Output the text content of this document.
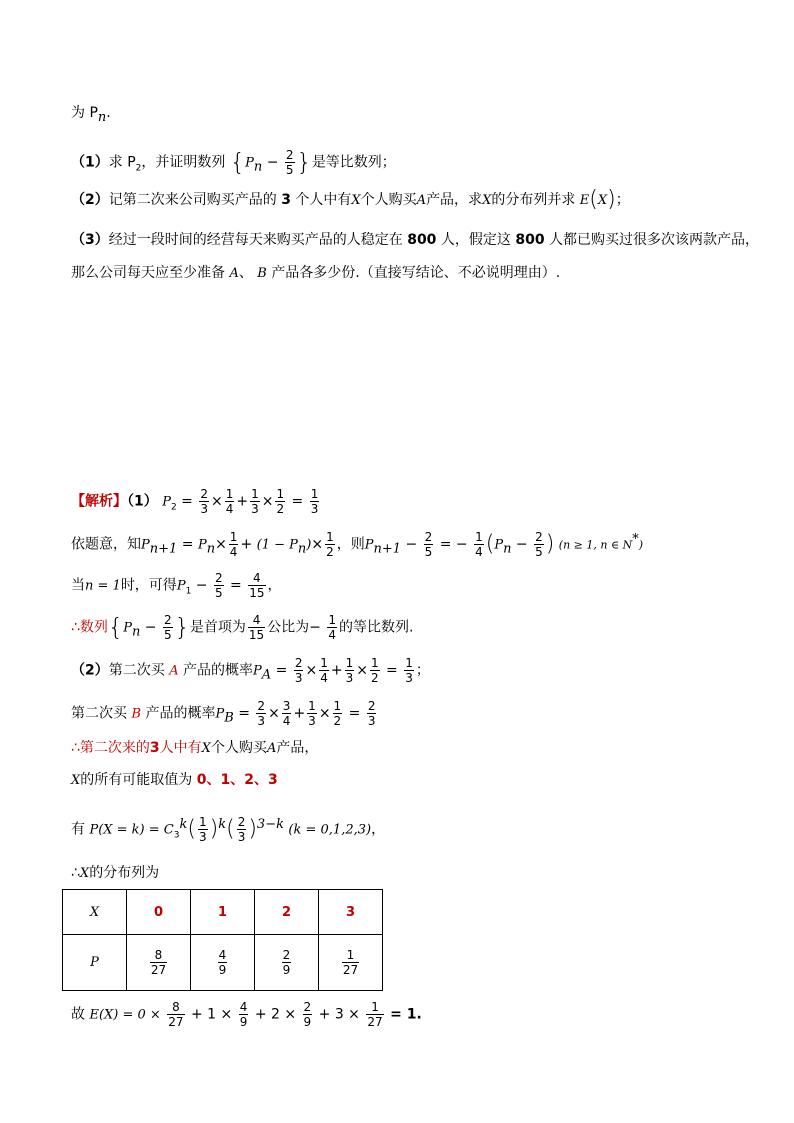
为 $P_n$.
（1）求 $P_2$，并证明数列 {$P_n - \frac{2}{5}$ }是等比数列；
（2）记第二次来公司购买产品的 3 个人中有X个人购买A产品，求X的分布列并求 E(X)；
（3）经过一段时间的经营每天来购买产品的人稳定在 800 人，假定这 800 人都已购买过很多次该两款产品，
那么公司每天应至少准备 A、 B 产品各多少份.（直接写结论、不必说明理由）.
【解析】（1） $P_2 = \frac{2}{3} \times \frac{1}{4} + \frac{1}{3} \times \frac{1}{2} = \frac{1}{3}$
依题意，知$P_{n+1} = P_n\times \frac{1}{4} + (1 - P_n)\times \frac{1}{2}$ ，则$P_{n+1} - \frac{2}{5}$ = − $\frac{1}{4} (P_n - \frac{2}{5}$ ) (n ≥ 1, n ∈ N*)
当n = 1时，可得$P_1 - \frac{2}{5} = \frac{4}{15}$ ，
∴数列{$P_n - \frac{2}{5}$ }是首项为 $\frac{4}{15}$ 公比为− $\frac{1}{4}$ 的等比数列.
（2）第二次买 A 产品的概率$P_A = \frac{2}{3} \times \frac{1}{4} + \frac{1}{3} \times \frac{1}{2} = \frac{1}{3}$ ；
第二次买 B 产品的概率$P_B = \frac{2}{3} \times \frac{3}{4} + \frac{1}{3} \times \frac{1}{2} = \frac{2}{3}$
∴第二次来的3人中有X个人购买A产品，
X的所有可能取值为 0、1、2、3
有 $P(X = k) = C_3^k( \frac{1}{3} )^k( \frac{2}{3} )^{3-k}$ (k = 0,1,2,3)，
∴X的分布列为
X	0	1	2	3
P	$\frac{8}{27}$	$\frac{4}{9}$	$\frac{2}{9}$	$\frac{1}{27}$
故 $E(X) = 0 \times \frac{8}{27} + 1 \times \frac{4}{9} + 2 \times \frac{2}{9} + 3 \times \frac{1}{27} = 1$.
